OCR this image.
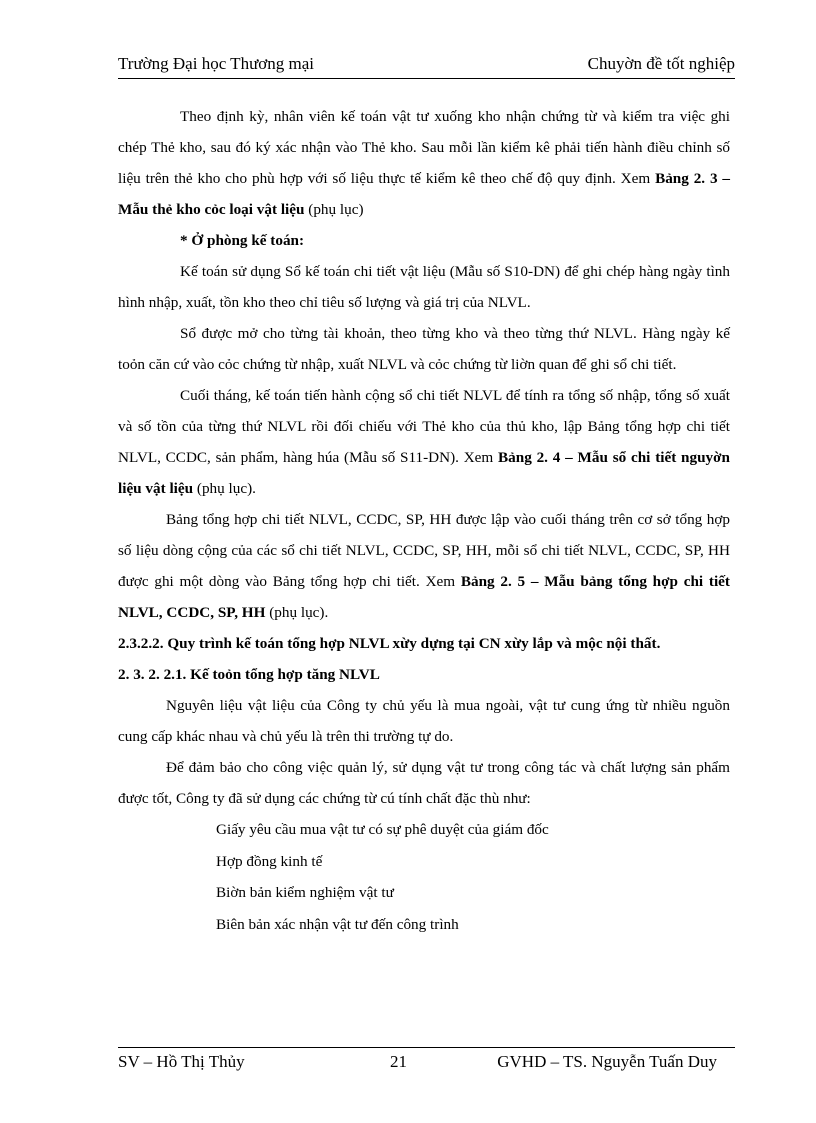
Trường Đại học Thương mại	Chuyờn đề tốt nghiệp

Theo định kỳ, nhân viên kế toán vật tư xuống kho nhận chứng từ và kiểm tra việc ghi chép Thẻ kho, sau đó ký xác nhận vào Thẻ kho. Sau mỗi lần kiểm kê phải tiến hành điều chỉnh số liệu trên thẻ kho cho phù hợp với số liệu thực tế kiểm kê theo chế độ quy định. Xem Bảng 2. 3 – Mẫu thẻ kho cỏc loại vật liệu (phụ lục)

* Ở phòng kế toán:

Kế toán sử dụng Sổ kế toán chi tiết vật liệu (Mẫu số S10-DN) để ghi chép hàng ngày tình hình nhập, xuất, tồn kho theo chỉ tiêu số lượng và giá trị của NLVL.

Sổ được mở cho từng tài khoản, theo từng kho và theo từng thứ NLVL. Hàng ngày kế toỏn căn cứ vào cỏc chứng từ nhập, xuất NLVL và cỏc chứng từ liờn quan để ghi sổ chi tiết.

Cuối tháng, kế toán tiến hành cộng sổ chi tiết NLVL để tính ra tổng số nhập, tổng số xuất và số tồn của từng thứ NLVL rồi đối chiếu với Thẻ kho của thủ kho, lập Bảng tổng hợp chi tiết NLVL, CCDC, sản phẩm, hàng húa (Mẫu số S11-DN). Xem Bảng 2. 4 – Mẫu sổ chi tiết nguyờn liệu vật liệu (phụ lục).

Bảng tổng hợp chi tiết NLVL, CCDC, SP, HH được lập vào cuối tháng trên cơ sở tổng hợp số liệu dòng cộng của các sổ chi tiết NLVL, CCDC, SP, HH, mỗi sổ chi tiết NLVL, CCDC, SP, HH được ghi một dòng vào Bảng tổng hợp chi tiết. Xem Bảng 2. 5 – Mẫu bảng tổng hợp chi tiết NLVL, CCDC, SP, HH (phụ lục).

2.3.2.2. Quy trình kế toán tổng hợp NLVL xừy dựng tại CN xừy lắp và mộc nội thất.

2. 3. 2. 2.1. Kế toỏn tổng hợp tăng NLVL

Nguyên liệu vật liệu của Công ty chủ yếu là mua ngoài, vật tư cung ứng từ nhiều nguồn cung cấp khác nhau và chủ yếu là trên thi trường tự do.

Để đảm bảo cho công việc quản lý, sử dụng vật tư trong công tác và chất lượng sản phẩm được tốt, Công ty đã sử dụng các chứng từ cú tính chất đặc thù như:

Giấy yêu cầu mua vật tư có sự phê duyệt của giám đốc
Hợp đồng kinh tế
Biờn bản kiểm nghiệm vật tư
Biên bản xác nhận vật tư đến công trình
SV – Hồ Thị Thủy	21	GVHD – TS. Nguyễn Tuấn Duy
